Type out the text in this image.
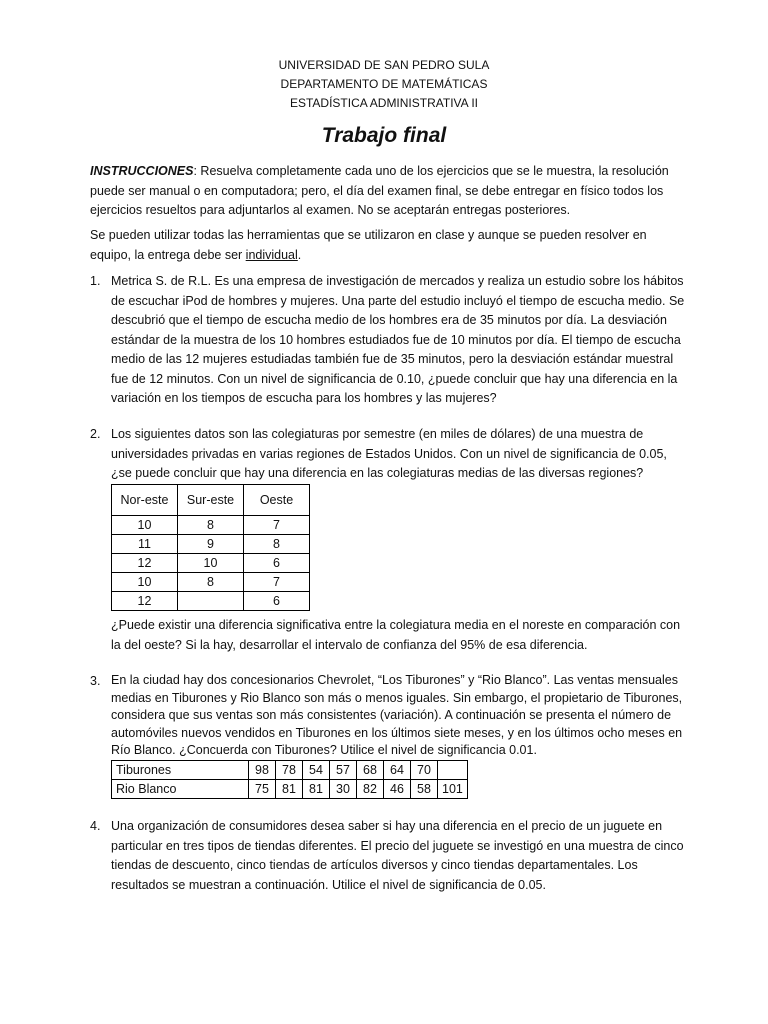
UNIVERSIDAD DE SAN PEDRO SULA
DEPARTAMENTO DE MATEMÁTICAS
ESTADÍSTICA ADMINISTRATIVA II
Trabajo final
INSTRUCCIONES: Resuelva completamente cada uno de los ejercicios que se le muestra, la resolución puede ser manual o en computadora; pero, el día del examen final, se debe entregar en físico todos los ejercicios resueltos para adjuntarlos al examen. No se aceptarán entregas posteriores.
Se pueden utilizar todas las herramientas que se utilizaron en clase y aunque se pueden resolver en equipo, la entrega debe ser individual.
1. Metrica S. de R.L. Es una empresa de investigación de mercados y realiza un estudio sobre los hábitos de escuchar iPod de hombres y mujeres. Una parte del estudio incluyó el tiempo de escucha medio. Se descubrió que el tiempo de escucha medio de los hombres era de 35 minutos por día. La desviación estándar de la muestra de los 10 hombres estudiados fue de 10 minutos por día. El tiempo de escucha medio de las 12 mujeres estudiadas también fue de 35 minutos, pero la desviación estándar muestral fue de 12 minutos. Con un nivel de significancia de 0.10, ¿puede concluir que hay una diferencia en la variación en los tiempos de escucha para los hombres y las mujeres?
2. Los siguientes datos son las colegiaturas por semestre (en miles de dólares) de una muestra de universidades privadas en varias regiones de Estados Unidos. Con un nivel de significancia de 0.05, ¿se puede concluir que hay una diferencia en las colegiaturas medias de las diversas regiones?
Nor-este	Sur-este	Oeste
10	8	7
11	9	8
12	10	6
10	8	7
12		6
¿Puede existir una diferencia significativa entre la colegiatura media en el noreste en comparación con la del oeste? Si la hay, desarrollar el intervalo de confianza del 95% de esa diferencia.
3. En la ciudad hay dos concesionarios Chevrolet, “Los Tiburones” y “Rio Blanco”. Las ventas mensuales medias en Tiburones y Rio Blanco son más o menos iguales. Sin embargo, el propietario de Tiburones, considera que sus ventas son más consistentes (variación). A continuación se presenta el número de automóviles nuevos vendidos en Tiburones en los últimos siete meses, y en los últimos ocho meses en Río Blanco. ¿Concuerda con Tiburones? Utilice el nivel de significancia 0.01.
Tiburones	98	78	54	57	68	64	70	
Rio Blanco	75	81	81	30	82	46	58	101
4. Una organización de consumidores desea saber si hay una diferencia en el precio de un juguete en particular en tres tipos de tiendas diferentes. El precio del juguete se investigó en una muestra de cinco tiendas de descuento, cinco tiendas de artículos diversos y cinco tiendas departamentales. Los resultados se muestran a continuación. Utilice el nivel de significancia de 0.05.
